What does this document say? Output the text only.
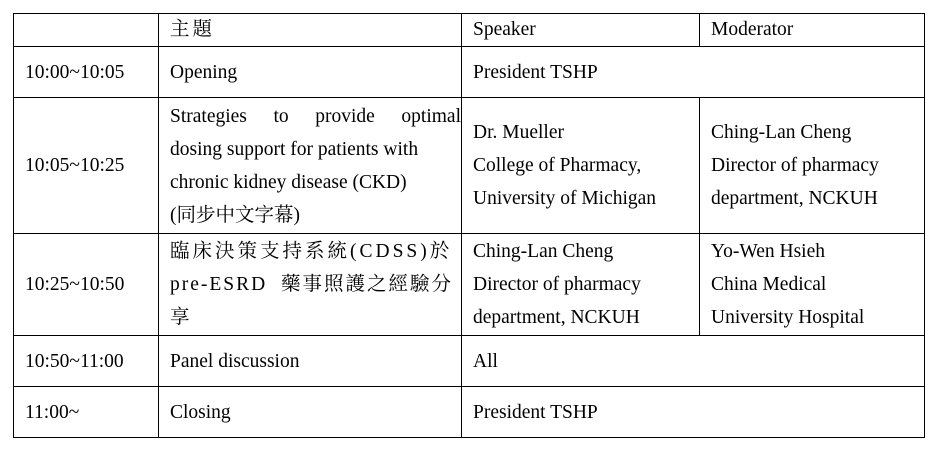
	主題	Speaker	Moderator
10:00~10:05	Opening	President TSHP	

10:05~10:25	Strategies to provide optimal
dosing support for patients with
chronic kidney disease (CKD)
(同步中文字幕)	Dr. Mueller
College of Pharmacy,
University of Michigan	Ching-Lan Cheng
Director of pharmacy
department, NCKUH

10:25~10:50	臨床決策支持系統(CDSS)於
pre-ESRD  藥事照護之經驗分
享	Ching-Lan Cheng
Director of pharmacy
department, NCKUH	Yo-Wen Hsieh
China Medical
University Hospital

10:50~11:00	Panel discussion	All	

11:00~	Closing	President TSHP	
